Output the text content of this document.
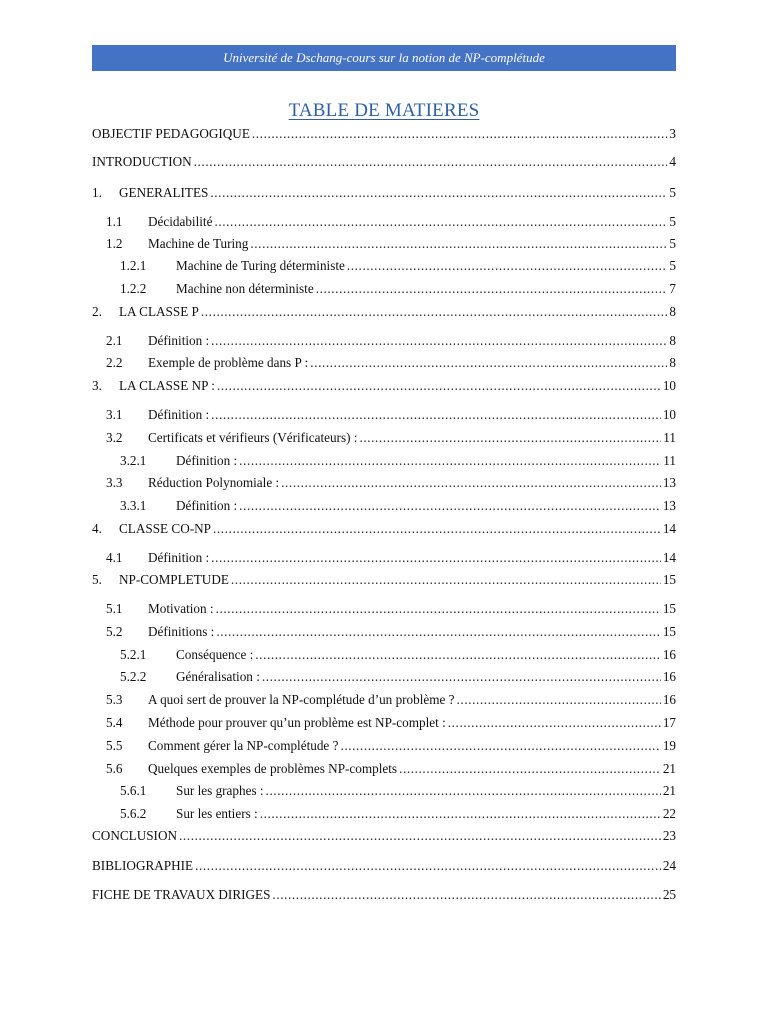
Université de Dschang-cours sur la notion de NP-complétude
TABLE DE MATIERES
OBJECTIF PEDAGOGIQUE .....	3
INTRODUCTION .....	4
1.	GENERALITES .....	5
1.1	Décidabilité .....	5
1.2	Machine de Turing .....	5
1.2.1	Machine de Turing déterministe .....	5
1.2.2	Machine non déterministe .....	7
2.	LA CLASSE P .....	8
2.1	Définition : .....	8
2.2	Exemple de problème dans P : .....	8
3.	LA CLASSE NP : .....	10
3.1	Définition : .....	10
3.2	Certificats et vérifieurs (Vérificateurs) : .....	11
3.2.1	Définition : .....	11
3.3	Réduction Polynomiale : .....	13
3.3.1	Définition : .....	13
4.	CLASSE CO-NP .....	14
4.1	Définition : .....	14
5.	NP-COMPLETUDE .....	15
5.1	Motivation : .....	15
5.2	Définitions : .....	15
5.2.1	Conséquence : .....	16
5.2.2	Généralisation : .....	16
5.3	A quoi sert de prouver la NP-complétude d’un problème ? .....	16
5.4	Méthode pour prouver qu’un problème est NP-complet : .....	17
5.5	Comment gérer la NP-complétude ? .....	19
5.6	Quelques exemples de problèmes NP-complets .....	21
5.6.1	Sur les graphes : .....	21
5.6.2	Sur les entiers : .....	22
CONCLUSION .....	23
BIBLIOGRAPHIE .....	24
FICHE DE TRAVAUX DIRIGES .....	25
